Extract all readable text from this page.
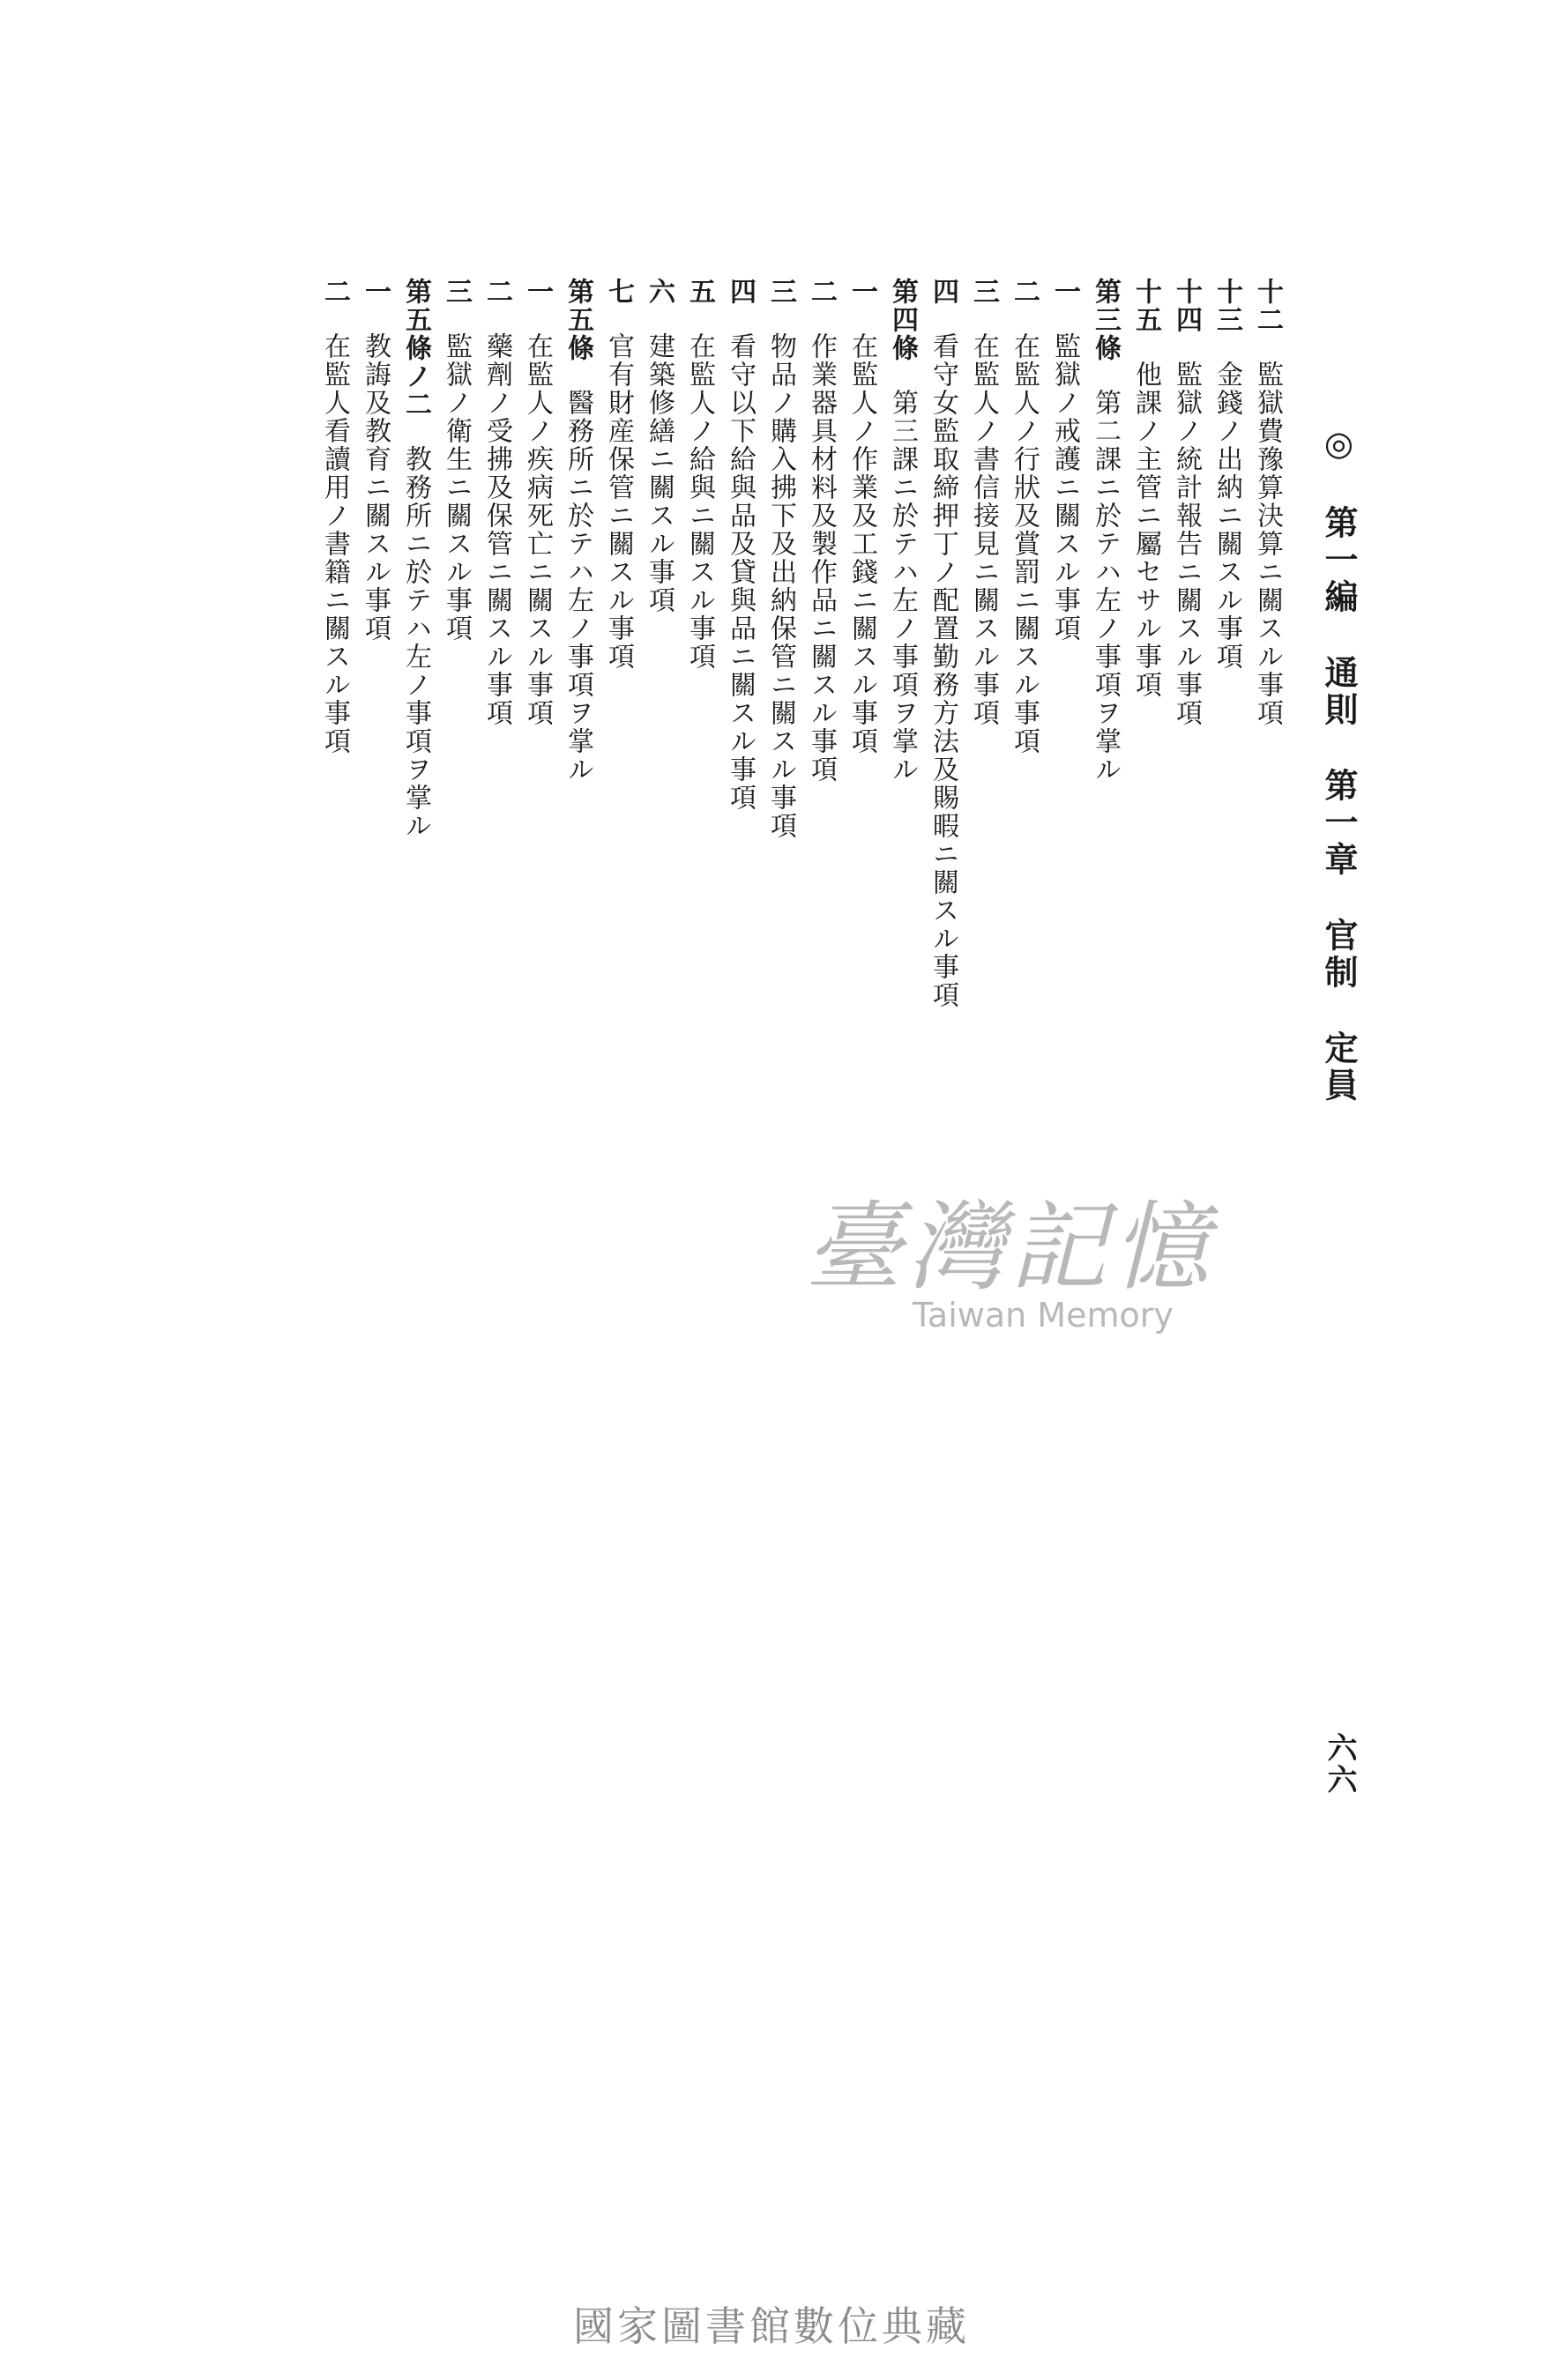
◎第一編通則第一章官制定員
十二監獄費豫算決算ニ關スル事項
十三金錢ノ出納ニ關スル事項
十四監獄ノ統計報告ニ關スル事項
十五他課ノ主管ニ屬セサル事項
第三條第二課ニ於テハ左ノ事項ヲ掌ル
一監獄ノ戒護ニ關スル事項
二在監人ノ行狀及賞罰ニ關スル事項
三在監人ノ書信接見ニ關スル事項
四看守女監取締押丁ノ配置勤務方法及賜暇ニ關スル事項
第四條第三課ニ於テハ左ノ事項ヲ掌ル
一在監人ノ作業及工錢ニ關スル事項
二作業器具材料及製作品ニ關スル事項
三物品ノ購入拂下及出納保管ニ關スル事項
四看守以下給與品及貸與品ニ關スル事項
五在監人ノ給與ニ關スル事項
六建築修繕ニ關スル事項
七官有財産保管ニ關スル事項
第五條醫務所ニ於テハ左ノ事項ヲ掌ル
一在監人ノ疾病死亡ニ關スル事項
二藥劑ノ受拂及保管ニ關スル事項
三監獄ノ衛生ニ關スル事項
第五條ノ二教務所ニ於テハ左ノ事項ヲ掌ル
一教誨及教育ニ關スル事項
二在監人看讀用ノ書籍ニ關スル事項
六六
臺灣記憶
Taiwan Memory
國家圖書館數位典藏
